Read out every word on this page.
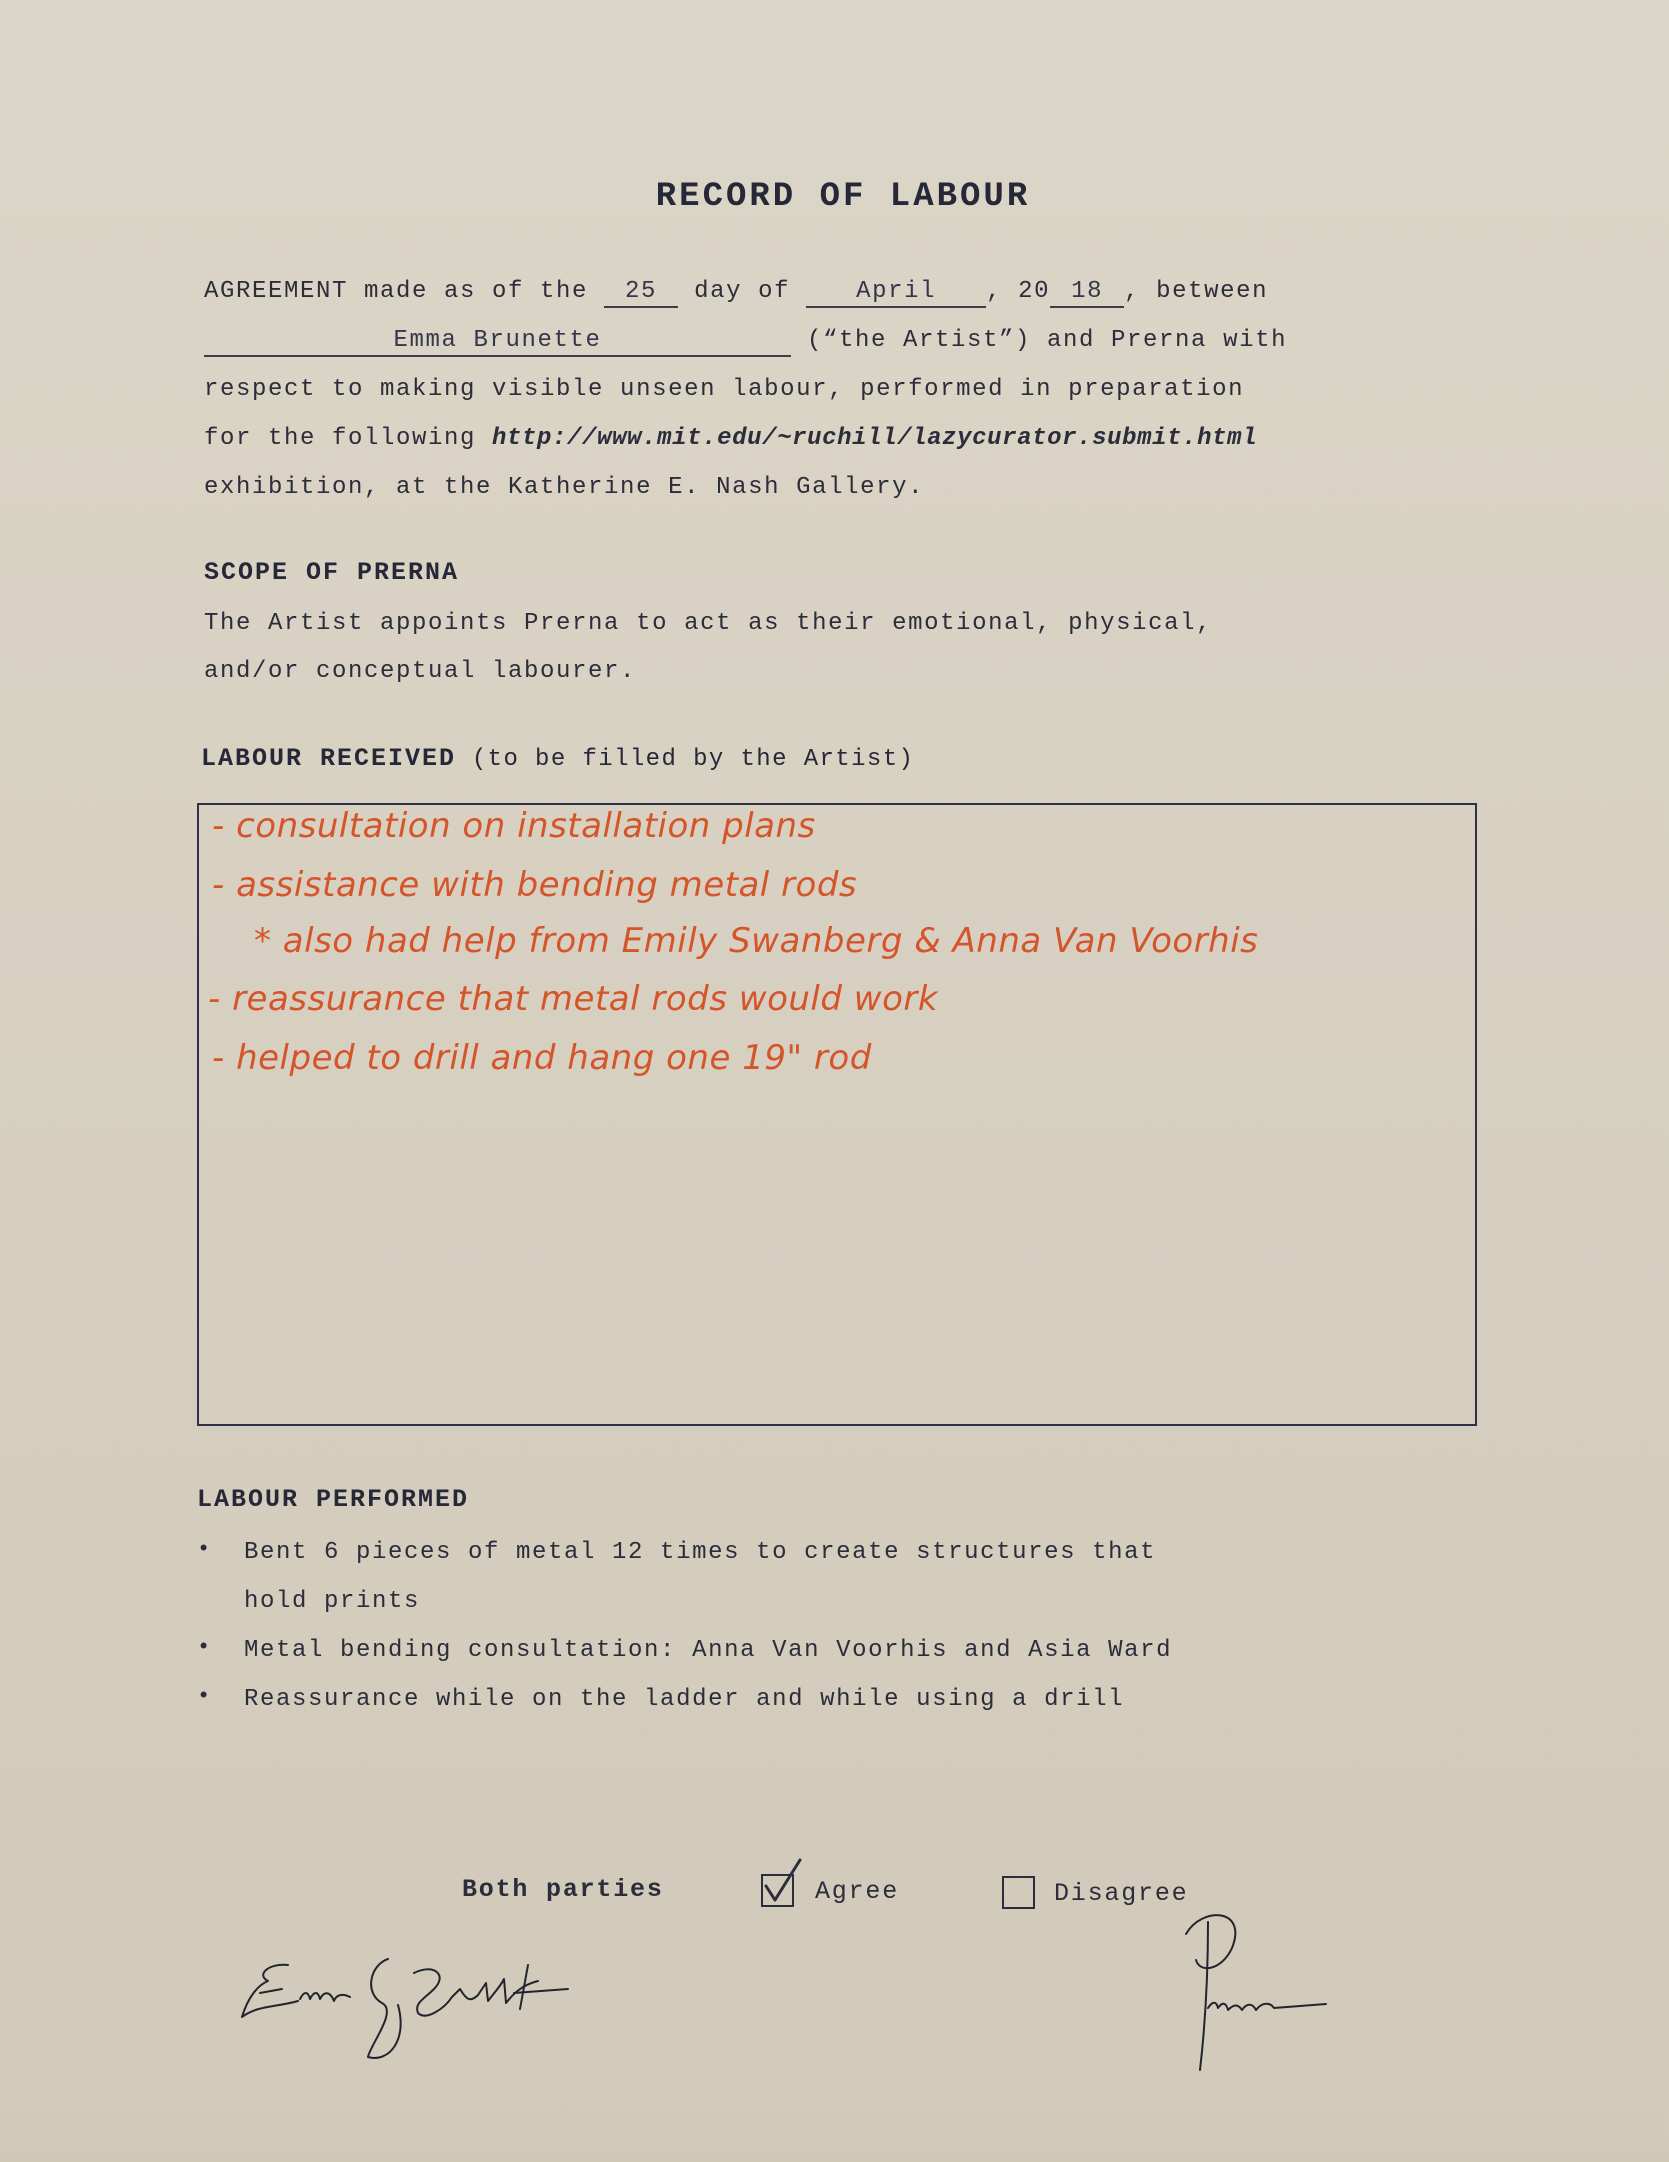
RECORD OF LABOUR
AGREEMENT made as of the 25 day of April , 20 18 , between
Emma Brunette	(“the Artist”) and Prerna with
respect to making visible unseen labour, performed in preparation
for the following http://www.mit.edu/~ruchill/lazycurator.submit.html
exhibition, at the Katherine E. Nash Gallery.
SCOPE OF PRERNA
The Artist appoints Prerna to act as their emotional, physical,
and/or conceptual labourer.
LABOUR RECEIVED (to be filled by the Artist)
- consultation on installation plans
- assistance with bending metal rods
* also had help from Emily Swanberg & Anna Van Voorhis
- reassurance that metal rods would work
- helped to drill and hang one 19" rod
LABOUR PERFORMED
• Bent 6 pieces of metal 12 times to create structures that
hold prints
• Metal bending consultation: Anna Van Voorhis and Asia Ward
• Reassurance while on the ladder and while using a drill
Both parties	Agree	Disagree
